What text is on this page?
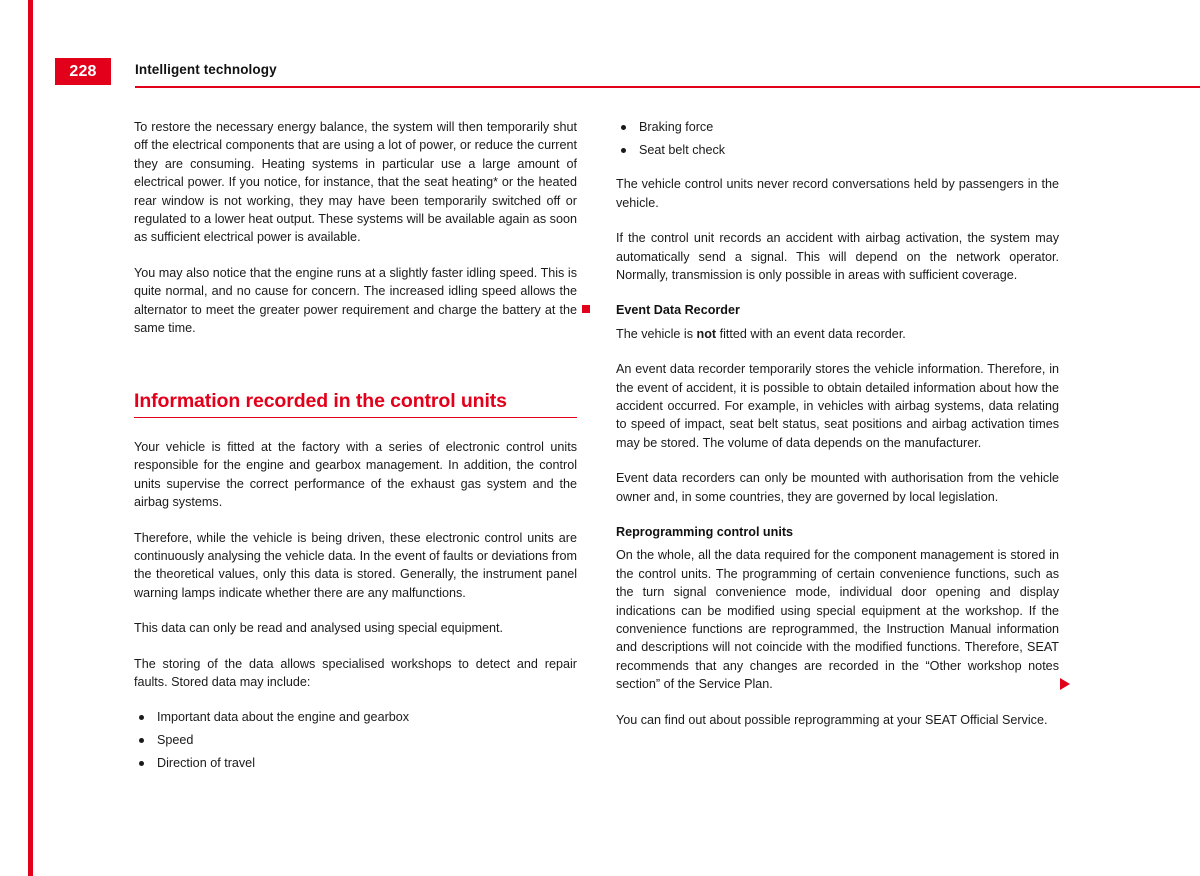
228	Intelligent technology

To restore the necessary energy balance, the system will then temporarily shut off the electrical components that are using a lot of power, or reduce the current they are consuming. Heating systems in particular use a large amount of electrical power. If you notice, for instance, that the seat heating* or the heated rear window is not working, they may have been temporarily switched off or regulated to a lower heat output. These systems will be available again as soon as sufficient electrical power is available.

You may also notice that the engine runs at a slightly faster idling speed. This is quite normal, and no cause for concern. The increased idling speed allows the alternator to meet the greater power requirement and charge the battery at the same time.

Information recorded in the control units

Your vehicle is fitted at the factory with a series of electronic control units responsible for the engine and gearbox management. In addition, the control units supervise the correct performance of the exhaust gas system and the airbag systems.

Therefore, while the vehicle is being driven, these electronic control units are continuously analysing the vehicle data. In the event of faults or deviations from the theoretical values, only this data is stored. Generally, the instrument panel warning lamps indicate whether there are any malfunctions.

This data can only be read and analysed using special equipment.

The storing of the data allows specialised workshops to detect and repair faults. Stored data may include:

Important data about the engine and gearbox
Speed
Direction of travel
Braking force
Seat belt check

The vehicle control units never record conversations held by passengers in the vehicle.

If the control unit records an accident with airbag activation, the system may automatically send a signal. This will depend on the network operator. Normally, transmission is only possible in areas with sufficient coverage.

Event Data Recorder

The vehicle is not fitted with an event data recorder.

An event data recorder temporarily stores the vehicle information. Therefore, in the event of accident, it is possible to obtain detailed information about how the accident occurred. For example, in vehicles with airbag systems, data relating to speed of impact, seat belt status, seat positions and airbag activation times may be stored. The volume of data depends on the manufacturer.

Event data recorders can only be mounted with authorisation from the vehicle owner and, in some countries, they are governed by local legislation.

Reprogramming control units

On the whole, all the data required for the component management is stored in the control units. The programming of certain convenience functions, such as the turn signal convenience mode, individual door opening and display indications can be modified using special equipment at the workshop. If the convenience functions are reprogrammed, the Instruction Manual information and descriptions will not coincide with the modified functions. Therefore, SEAT recommends that any changes are recorded in the “Other workshop notes section” of the Service Plan.

You can find out about possible reprogramming at your SEAT Official Service.
